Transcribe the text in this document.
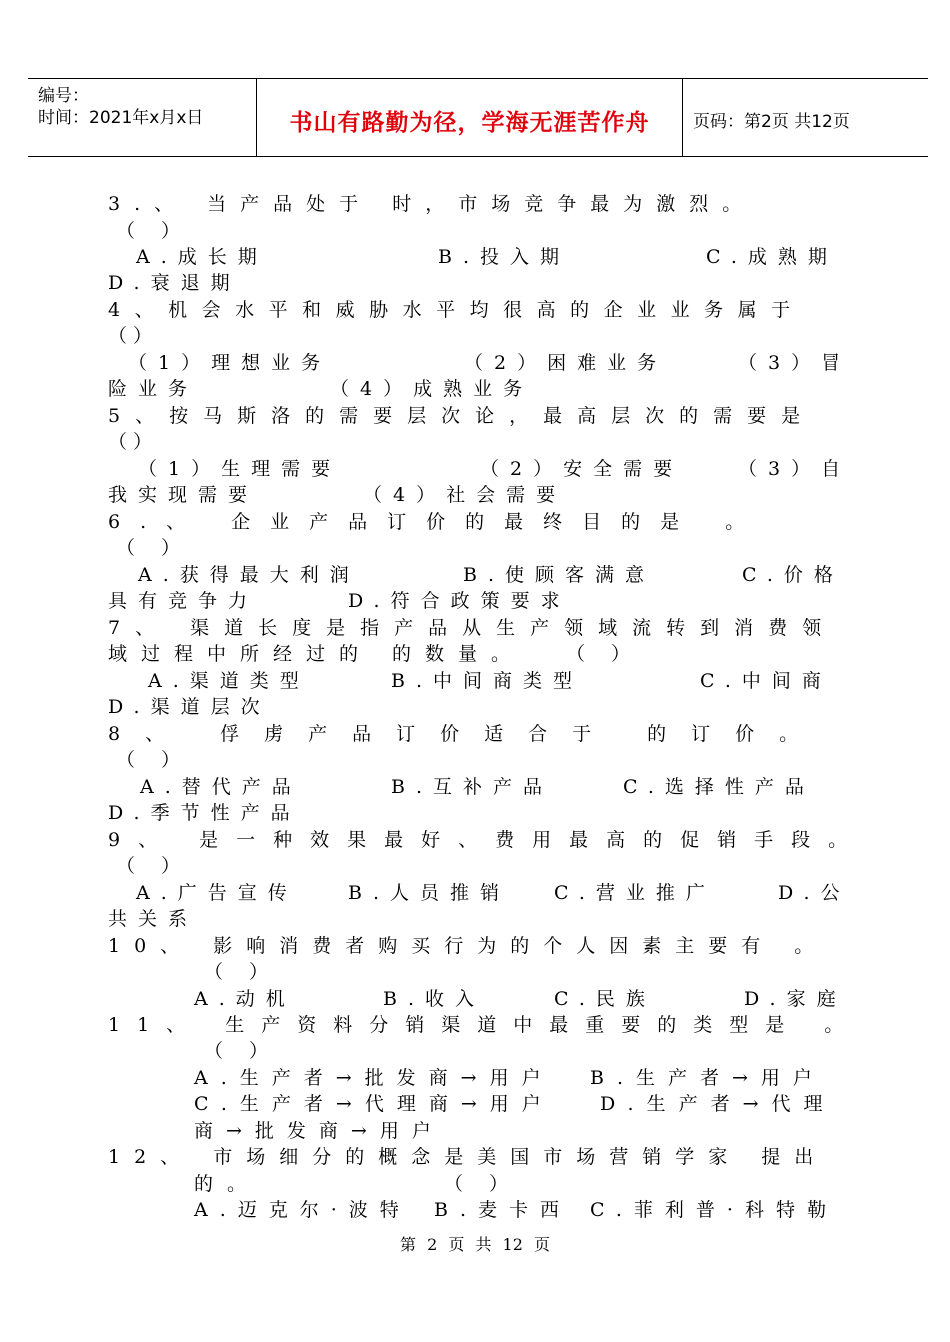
编号：
时间：2021年x月x日	书山有路勤为径，学海无涯苦作舟	页码：第2页 共12页
3.、 当产品处于 时，市场竞争最为激烈。
（ ）
A.成长期	B.投入期	C.成熟期
D.衰退期
4、机会水平和威胁水平均很高的企业业务属于
（ ）
（1）理想业务	（2）困难业务	（3）冒
险业务	（4）成熟业务
5、按马斯洛的需要层次论，最高层次的需要是
（ ）
（1）生理需要	（2）安全需要	（3）自
我实现需要	（4）社会需要
6.、 企业产品订价的最终目的是 。
（ ）
A.获得最大利润	B.使顾客满意	C.价格
具有竞争力	D.符合政策要求
7、 渠道长度是指产品从生产领域流转到消费领
域过程中所经过的 的数量。 （ ）
A.渠道类型	B.中间商类型	C.中间商
D.渠道层次
8、 俘虏产品订价适合于 的订价。
（ ）
A.替代产品	B.互补产品	C.选择性产品
D.季节性产品
9、 是一种效果最好、费用最高的促销手段。
（ ）
A.广告宣传	B.人员推销 C.营业推广	D.公
共关系
10、 影响消费者购买行为的个人因素主要有 。
（ ）
A.动机	B.收入	C.民族	D.家庭
11、 生产资料分销渠道中最重要的类型是 。
（ ）
A.生产者→批发商→用户 B.生产者→用户
C.生产者→代理商→用户 D.生产者→代理
商→批发商→用户
12、 市场细分的概念是美国市场营销学家 提出
的。	（ ）
A.迈克尔·波特 B.麦卡西 C.菲利普·科特勒
第 2 页 共 12 页
